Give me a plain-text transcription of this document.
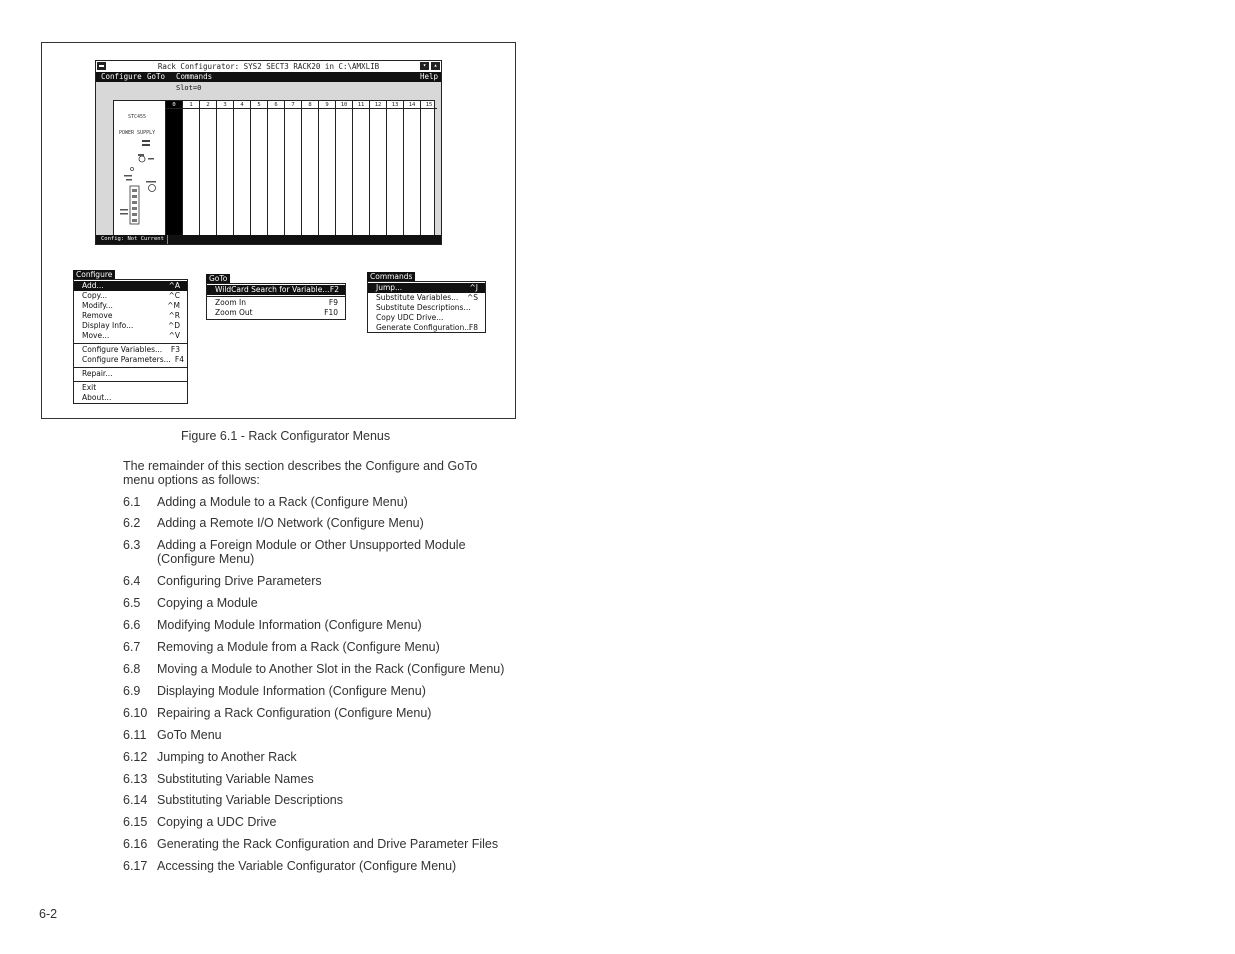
Rack Configurator: SYS2 SECT3 RACK20 in C:\AMXLIB	▾	▴
Configure GoTo Commands	Help
Slot=0
STC455
POWER SUPPLY
0	1	2	3	4	5	6	7	8	9	10	11	12	13	14	15
Config: Not Current
Configure
Add...	^A
Copy...	^C
Modify...	^M
Remove	^R
Display Info...	^D
Move...	^V
Configure Variables... F3
Configure Parameters... F4
Repair...
Exit
About...
GoTo
WildCard Search for Variable... F2
Zoom In	F9
Zoom Out	F10
Commands
Jump...	^J
Substitute Variables... ^S
Substitute Descriptions...
Copy UDC Drive...
Generate Configuration...
F8
Figure 6.1 - Rack Configurator Menus
The remainder of this section describes the Configure and GoTo menu options as follows:
6.1	Adding a Module to a Rack (Configure Menu)
6.2	Adding a Remote I/O Network (Configure Menu)
6.3	Adding a Foreign Module or Other Unsupported Module (Configure Menu)
6.4	Configuring Drive Parameters
6.5	Copying a Module
6.6	Modifying Module Information (Configure Menu)
6.7	Removing a Module from a Rack (Configure Menu)
6.8	Moving a Module to Another Slot in the Rack (Configure Menu)
6.9	Displaying Module Information (Configure Menu)
6.10 Repairing a Rack Configuration (Configure Menu)
6.11 GoTo Menu
6.12 Jumping to Another Rack
6.13 Substituting Variable Names
6.14 Substituting Variable Descriptions
6.15 Copying a UDC Drive
6.16 Generating the Rack Configuration and Drive Parameter Files
6.17 Accessing the Variable Configurator (Configure Menu)
6-2
